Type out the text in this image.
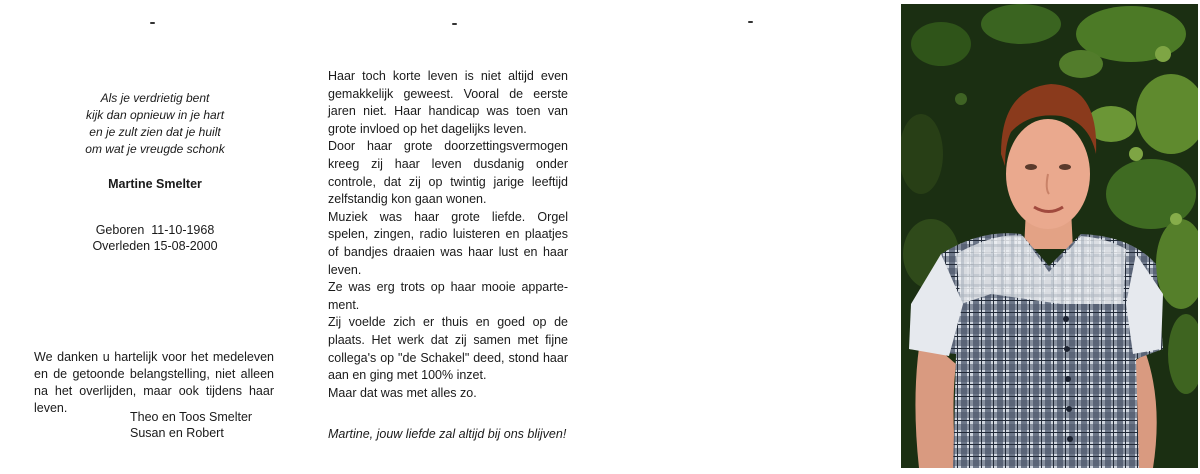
Als je verdrietig bent
kijk dan opnieuw in je hart
en je zult zien dat je huilt
om wat je vreugde schonk
Martine Smelter
Geboren  11-10-1968
Overleden 15-08-2000
We danken u hartelijk voor het medeleven en de getoonde belangstelling, niet alleen na het overlijden, maar ook tijdens haar leven.
Theo en Toos Smelter
Susan en Robert

Haar toch korte leven is niet altijd even gemakkelijk geweest. Vooral de eerste jaren niet. Haar handicap was toen van grote invloed op het dagelijks leven.

Door haar grote doorzettingsvermogen kreeg zij haar leven dusdanig onder controle, dat zij op twintig jarige leeftijd zelfstandig kon gaan wonen.

Muziek was haar grote liefde. Orgel spelen, zingen, radio luisteren en plaatjes of bandjes draaien was haar lust en haar leven.

Ze was erg trots op haar mooie apparte-ment.

Zij voelde zich er thuis en goed op de plaats. Het werk dat zij samen met fijne collega's op "de Schakel" deed, stond haar aan en ging met 100% inzet.

Maar dat was met alles zo.

Martine, jouw liefde zal altijd bij ons blijven!
